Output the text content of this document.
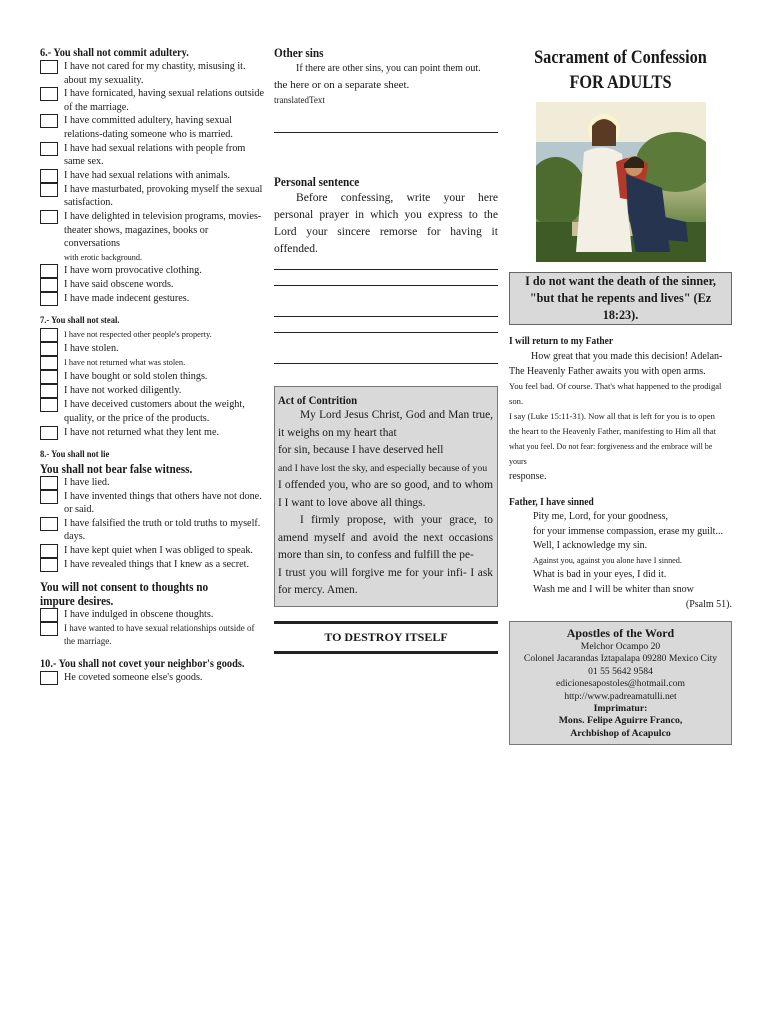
6.- You shall not commit adultery.
I have not cared for my chastity, misusing it. about my sexuality.
I have fornicated, having sexual relations outside of the marriage.
I have committed adultery, having sexual relations-dating someone who is married.
I have had sexual relations with people from same sex.
I have had sexual relations with animals.
I have masturbated, provoking myself the sexual satisfaction.
I have delighted in television programs, movies-theater shows, magazines, books or conversations
with erotic background.
I have worn provocative clothing.
I have said obscene words.
I have made indecent gestures.
7.- You shall not steal.
I have not respected other people's property.
I have stolen.
I have not returned what was stolen.
I have bought or sold stolen things.
I have not worked diligently.
I have deceived customers about the weight, quality, or the price of the products.
I have not returned what they lent me.
8.- You shall not lie
You shall not bear false witness.
I have lied.
I have invented things that others have not done. or said.
I have falsified the truth or told truths to myself. days.
I have kept quiet when I was obliged to speak.
I have revealed things that I knew as a secret.
You will not consent to thoughts no impure desires.
I have indulged in obscene thoughts.
I have wanted to have sexual relationships outside of the marriage.
10.- You shall not covet your neighbor's goods.
He coveted someone else's goods.
Other sins
If there are other sins, you can point them out.
the here or on a separate sheet.
translatedText
Personal sentence
Before confessing, write your here personal prayer in which you express to the Lord your sincere remorse for having it offended.
Act of Contrition
My Lord Jesus Christ, God and Man true, it weighs on my heart that
for sin, because I have deserved hell
and I have lost the sky, and especially because of you
I offended you, who are so good, and to whom I I want to love above all things.
I firmly propose, with your grace, to amend myself and avoid the next occasions more than sin, to confess and fulfill the pe-
I trust you will forgive me for your infi- I ask for mercy. Amen.
TO DESTROY ITSELF
Sacrament of Confession
FOR ADULTS
I do not want the death of the sinner, "but that he repents and lives" (Ez 18:23).
I will return to my Father
How great that you made this decision! Adelan-
The Heavenly Father awaits you with open arms.
You feel bad. Of course. That's what happened to the prodigal son.
I say (Luke 15:11-31). Now all that is left for you is to open
the heart to the Heavenly Father, manifesting to Him all that
what you feel. Do not fear: forgiveness and the embrace will be yours
response.
Father, I have sinned
Pity me, Lord, for your goodness,
for your immense compassion, erase my guilt...
Well, I acknowledge my sin.
Against you, against you alone have I sinned.
What is bad in your eyes, I did it.
Wash me and I will be whiter than snow
(Psalm 51).
Apostles of the Word
Melchor Ocampo 20
Colonel Jacarandas Iztapalapa 09280 Mexico City
01 55 5642 9584
edicionesapostoles@hotmail.com
http://www.padreamatulli.net
Imprimatur:
Mons. Felipe Aguirre Franco,
Archbishop of Acapulco
